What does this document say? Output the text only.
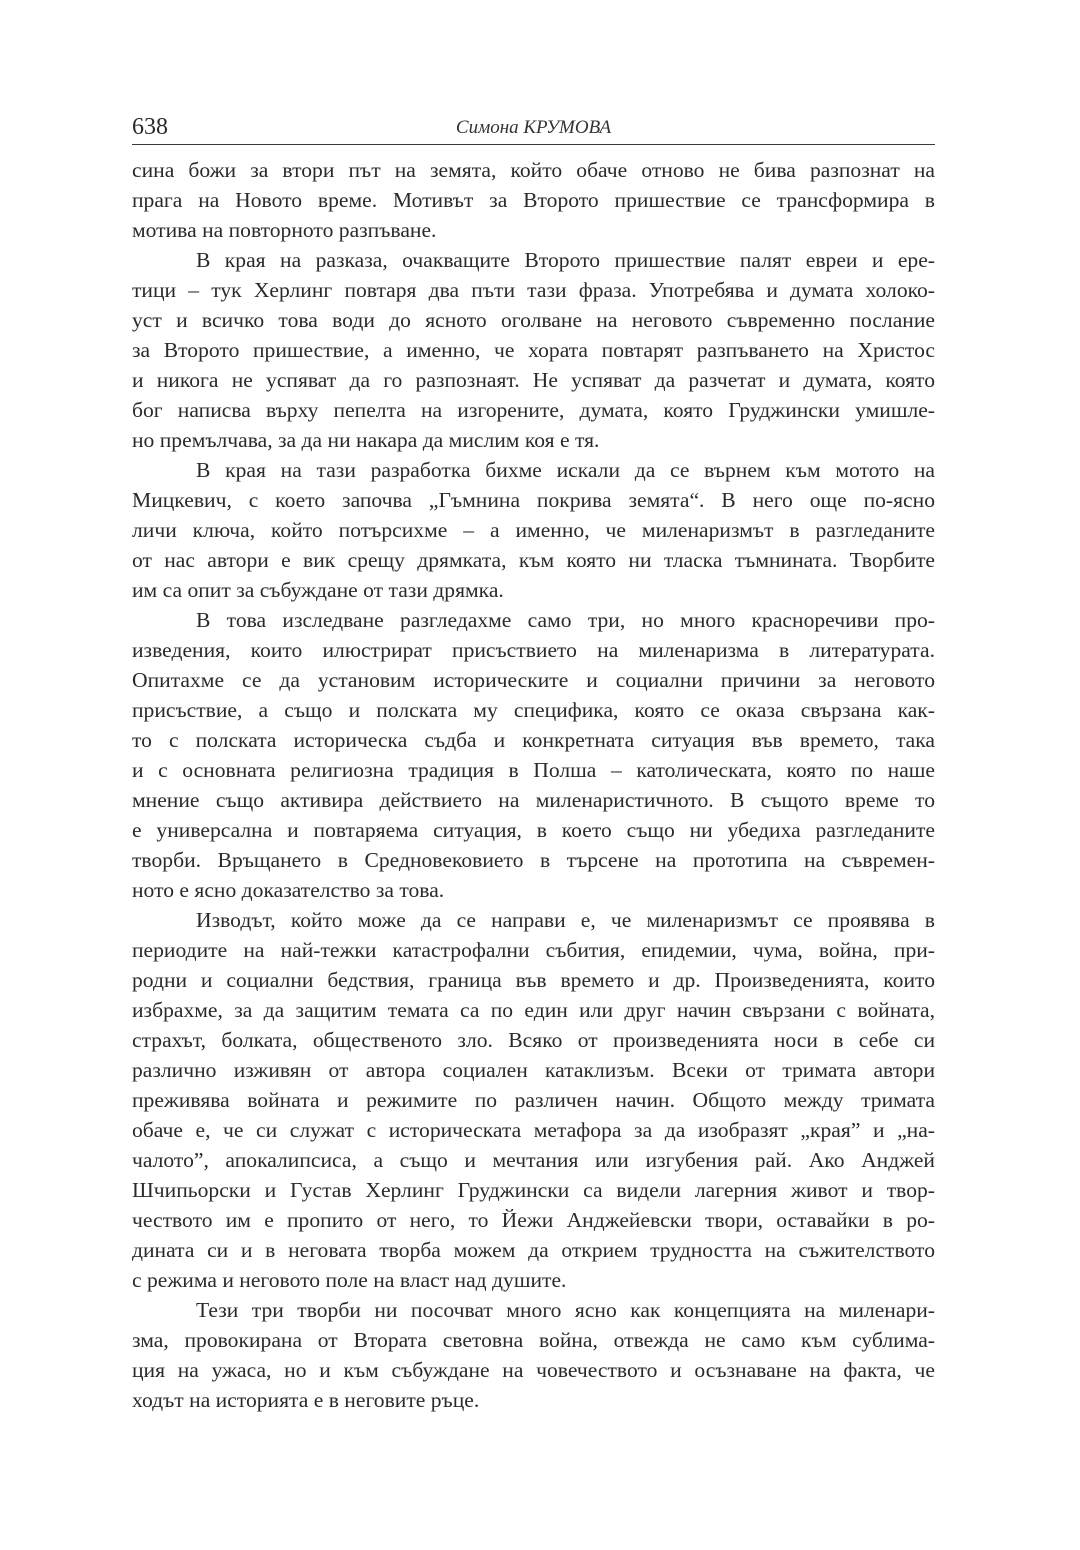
638	Симона КРУМОВА
сина божи за втори път на земята, който обаче отново не бива разпознат на
прага на Новото време. Мотивът за Второто пришествие се трансформира в
мотива на повторното разпъване.
В края на разказа, очакващите Второто пришествие палят евреи и ере-
тици – тук Херлинг повтаря два пъти тази фраза. Употребява и думата холоко-
уст и всичко това води до ясното оголване на неговото съвременно послание
за Второто пришествие, а именно, че хората повтарят разпъването на Христос
и никога не успяват да го разпознаят. Не успяват да разчетат и думата, която
бог написва върху пепелта на изгорените, думата, която Груджински умишле-
но премълчава, за да ни накара да мислим коя е тя.
В края на тази разработка бихме искали да се върнем към мотото на
Мицкевич, с което започва „Гъмнина покрива земята“. В него още по-ясно
личи ключа, който потърсихме – а именно, че миленаризмът в разгледаните
от нас автори е вик срещу дрямката, към която ни тласка тъмнината. Творбите
им са опит за събуждане от тази дрямка.
В това изследване разгледахме само три, но много красноречиви про-
изведения, които илюстрират присъствието на миленаризма в литературата.
Опитахме се да установим историческите и социални причини за неговото
присъствие, а също и полската му специфика, която се оказа свързана как-
то с полската историческа съдба и конкретната ситуация във времето, така
и с основната религиозна традиция в Полша – католическата, която по наше
мнение също активира действието на миленаристичното. В същото време то
е универсална и повтаряема ситуация, в което също ни убедиха разгледаните
творби. Връщането в Средновековието в търсене на прототипа на съвремен-
ното е ясно доказателство за това.
Изводът, който може да се направи е, че миленаризмът се проявява в
периодите на най-тежки катастрофални събития, епидемии, чума, война, при-
родни и социални бедствия, граница във времето и др. Произведенията, които
избрахме, за да защитим темата са по един или друг начин свързани с войната,
страхът, болката, общественото зло. Всяко от произведенията носи в себе си
различно изживян от автора социален катаклизъм. Всеки от тримата автори
преживява войната и режимите по различен начин. Общото между тримата
обаче е, че си служат с историческата метафора за да изобразят „края” и „на-
чалото”, апокалипсиса, а също и мечтания или изгубения рай. Ако Анджей
Шчипьорски и Густав Херлинг Груджински са видели лагерния живот и твор-
чеството им е пропито от него, то Йежи Анджейевски твори, оставайки в ро-
дината си и в неговата творба можем да открием трудността на съжителството
с режима и неговото поле на власт над душите.
Тези три творби ни посочват много ясно как концепцията на миленари-
зма, провокирана от Втората световна война, отвежда не само към сублима-
ция на ужаса, но и към събуждане на човечеството и осъзнаване на факта, че
ходът на историята е в неговите ръце.
